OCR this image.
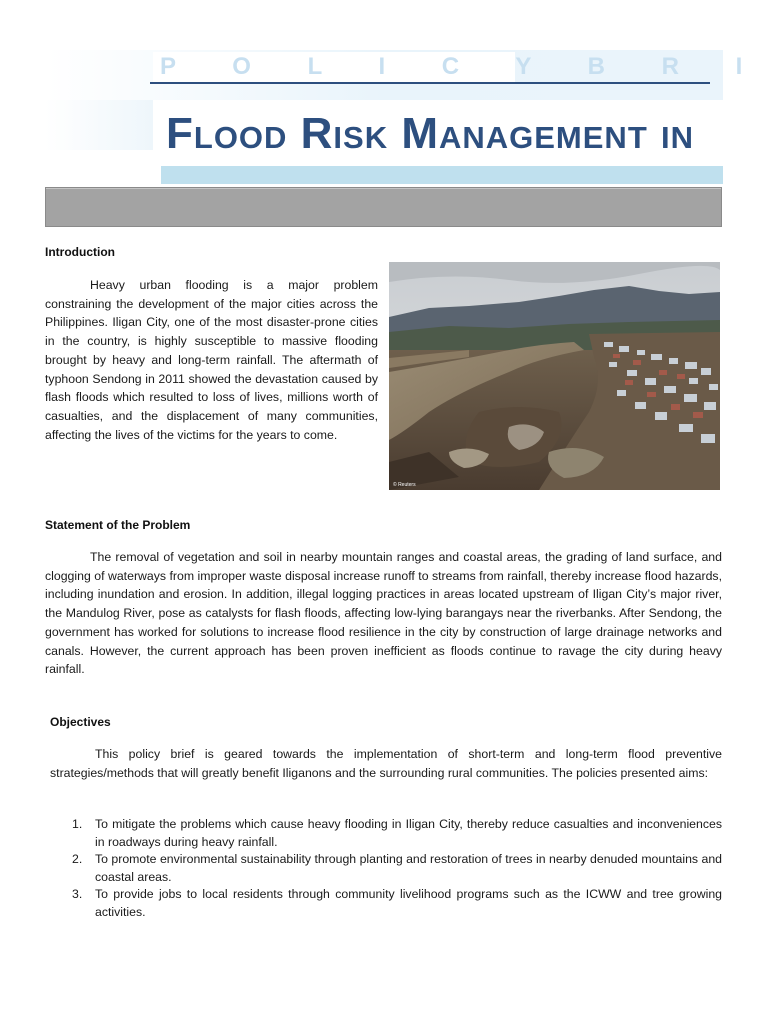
P O L I C Y B R I
Flood Risk Management in
Introduction

Heavy urban flooding is a major problem constraining the development of the major cities across the Philippines. Iligan City, one of the most disaster-prone cities in the country, is highly susceptible to massive flooding brought by heavy and long-term rainfall. The aftermath of typhoon Sendong in 2011 showed the devastation caused by flash floods which resulted to loss of lives, millions worth of casualties, and the displacement of many communities, affecting the lives of the victims for the years to come.

© Reuters
Statement of the Problem

The removal of vegetation and soil in nearby mountain ranges and coastal areas, the grading of land surface, and clogging of waterways from improper waste disposal increase runoff to streams from rainfall, thereby increase flood hazards, including inundation and erosion. In addition, illegal logging practices in areas located upstream of Iligan City’s major river, the Mandulog River, pose as catalysts for flash floods, affecting low-lying barangays near the riverbanks. After Sendong, the government has worked for solutions to increase flood resilience in the city by construction of large drainage networks and canals. However, the current approach has been proven inefficient as floods continue to ravage the city during heavy rainfall.

Objectives

This policy brief is geared towards the implementation of short-term and long-term flood preventive strategies/methods that will greatly benefit Iliganons and the surrounding rural communities. The policies presented aims:

1. To mitigate the problems which cause heavy flooding in Iligan City, thereby reduce casualties and inconveniences in roadways during heavy rainfall.
2. To promote environmental sustainability through planting and restoration of trees in nearby denuded mountains and coastal areas.
3. To provide jobs to local residents through community livelihood programs such as the ICWW and tree growing activities.
